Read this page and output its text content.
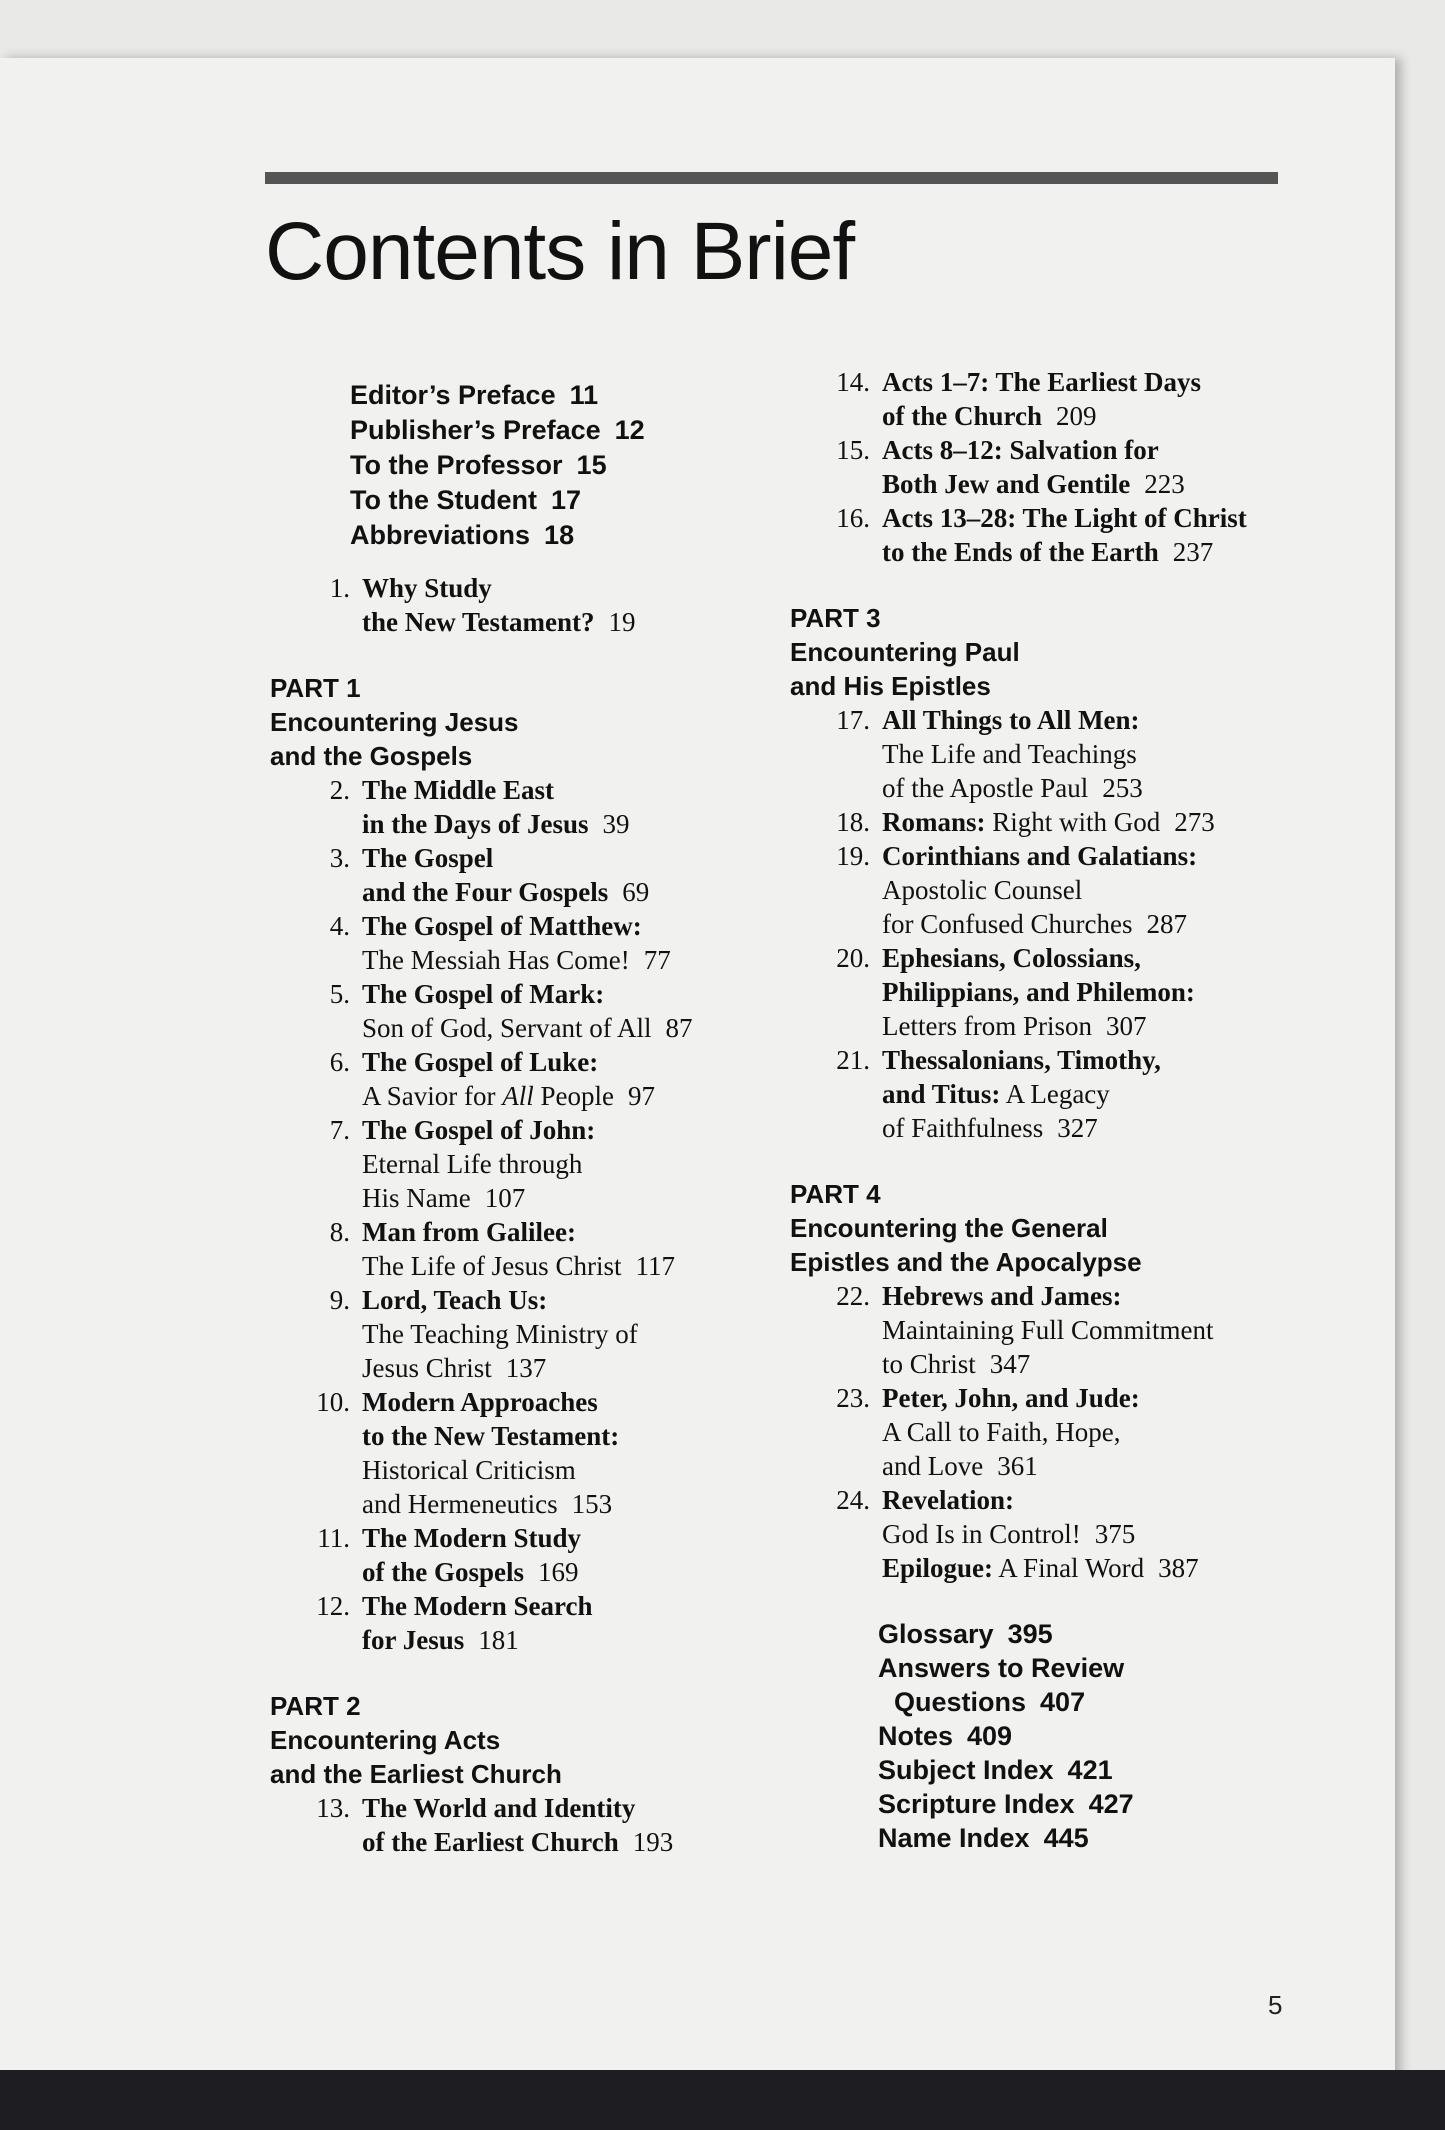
Contents in Brief
Editor’s Preface 11
Publisher’s Preface 12
To the Professor 15
To the Student 17
Abbreviations 18
1. Why Study
the New Testament? 19
PART 1
Encountering Jesus
and the Gospels
2. The Middle East
in the Days of Jesus 39
3. The Gospel
and the Four Gospels 69
4. The Gospel of Matthew:
The Messiah Has Come! 77
5. The Gospel of Mark:
Son of God, Servant of All 87
6. The Gospel of Luke:
A Savior for All People 97
7. The Gospel of John:
Eternal Life through
His Name 107
8. Man from Galilee:
The Life of Jesus Christ 117
9. Lord, Teach Us:
The Teaching Ministry of
Jesus Christ 137
10. Modern Approaches
to the New Testament:
Historical Criticism
and Hermeneutics 153
11. The Modern Study
of the Gospels 169
12. The Modern Search
for Jesus 181
PART 2
Encountering Acts
and the Earliest Church
13. The World and Identity
of the Earliest Church 193
14. Acts 1–7: The Earliest Days
of the Church 209
15. Acts 8–12: Salvation for
Both Jew and Gentile 223
16. Acts 13–28: The Light of Christ
to the Ends of the Earth 237
PART 3
Encountering Paul
and His Epistles
17. All Things to All Men:
The Life and Teachings
of the Apostle Paul 253
18. Romans: Right with God 273
19. Corinthians and Galatians:
Apostolic Counsel
for Confused Churches 287
20. Ephesians, Colossians,
Philippians, and Philemon:
Letters from Prison 307
21. Thessalonians, Timothy,
and Titus: A Legacy
of Faithfulness 327
PART 4
Encountering the General
Epistles and the Apocalypse
22. Hebrews and James:
Maintaining Full Commitment
to Christ 347
23. Peter, John, and Jude:
A Call to Faith, Hope,
and Love 361
24. Revelation:
God Is in Control! 375
Epilogue: A Final Word 387
Glossary 395
Answers to Review
Questions 407
Notes 409
Subject Index 421
Scripture Index 427
Name Index 445
5
